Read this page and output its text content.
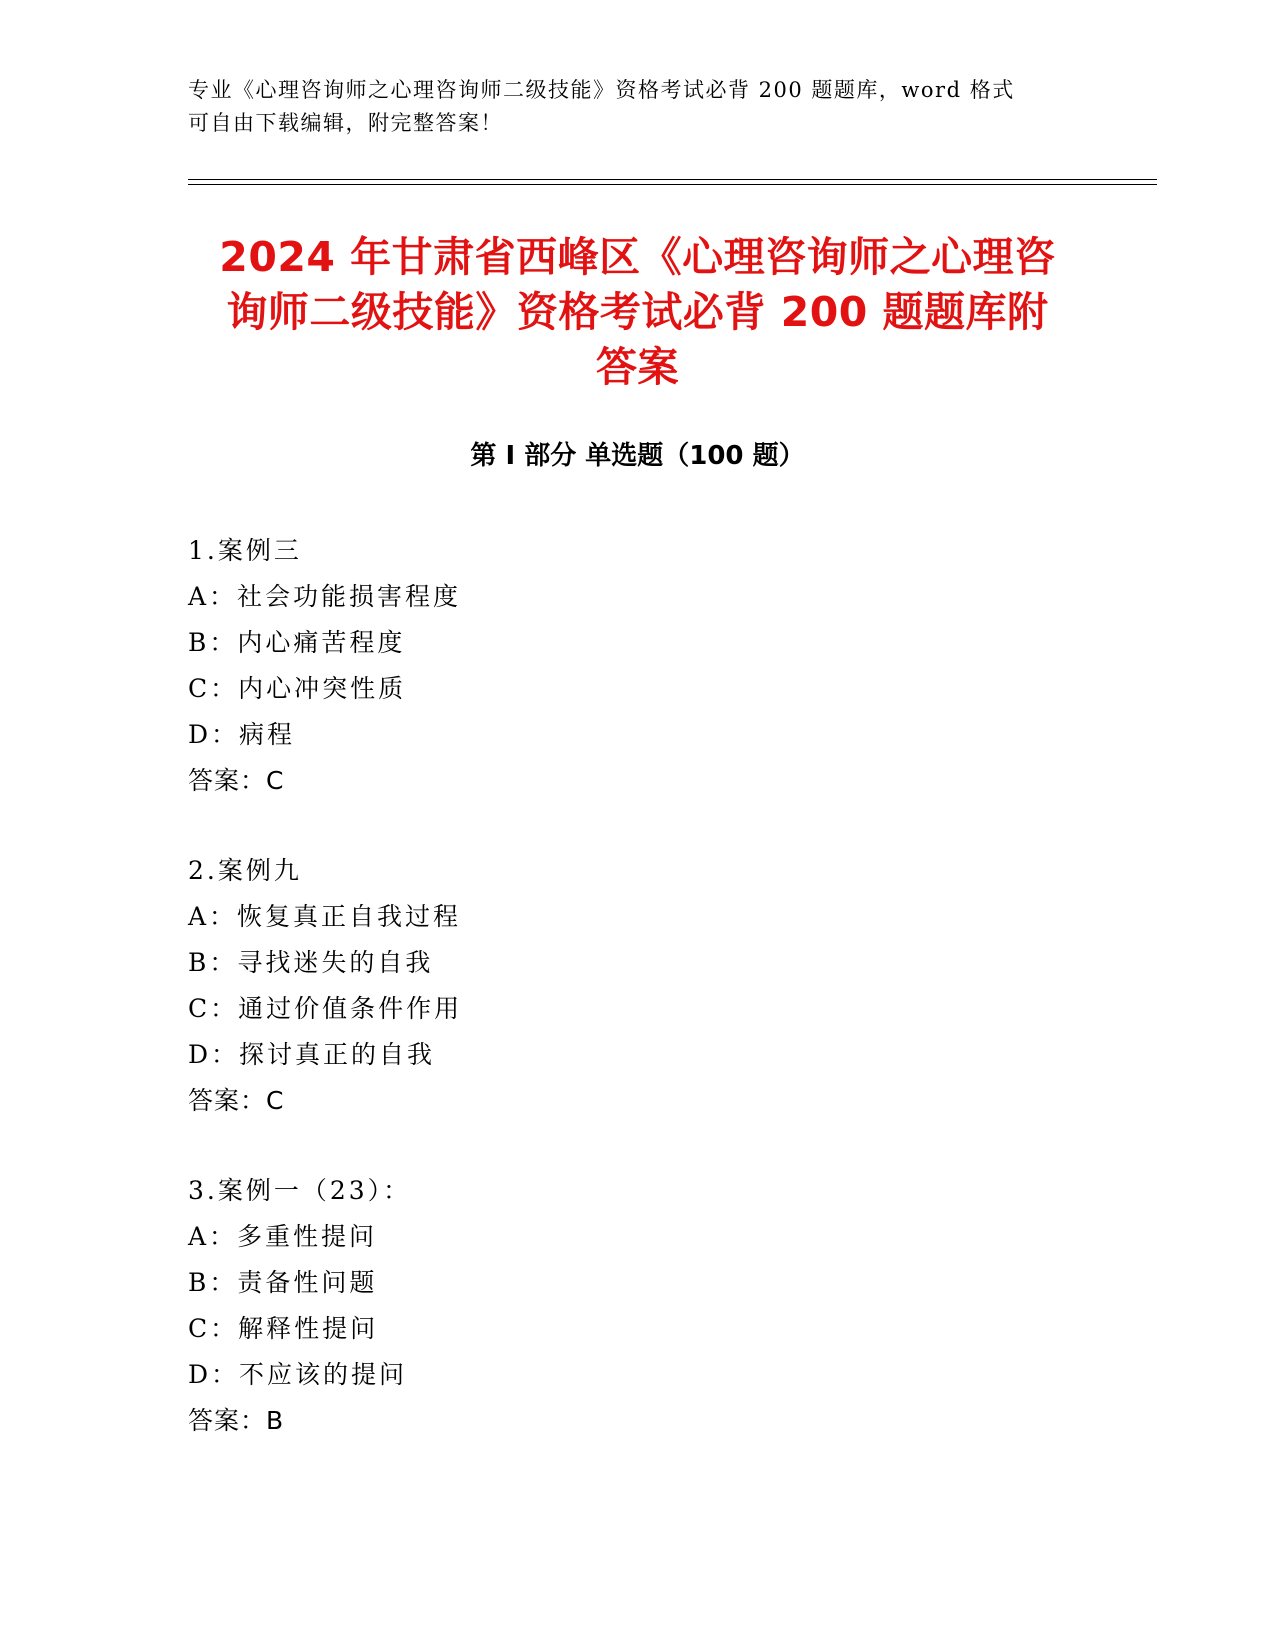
专业《心理咨询师之心理咨询师二级技能》资格考试必背 200 题题库，word 格式
可自由下载编辑，附完整答案！

2024 年甘肃省西峰区《心理咨询师之心理咨
询师二级技能》资格考试必背 200 题题库附
答案
第 I 部分 单选题（100 题）
1.案例三
A：社会功能损害程度
B：内心痛苦程度
C：内心冲突性质
D：病程
答案：C
2.案例九
A：恢复真正自我过程
B：寻找迷失的自我
C：通过价值条件作用
D：探讨真正的自我
答案：C
3.案例一（23）：
A：多重性提问
B：责备性问题
C：解释性提问
D：不应该的提问
答案：B
